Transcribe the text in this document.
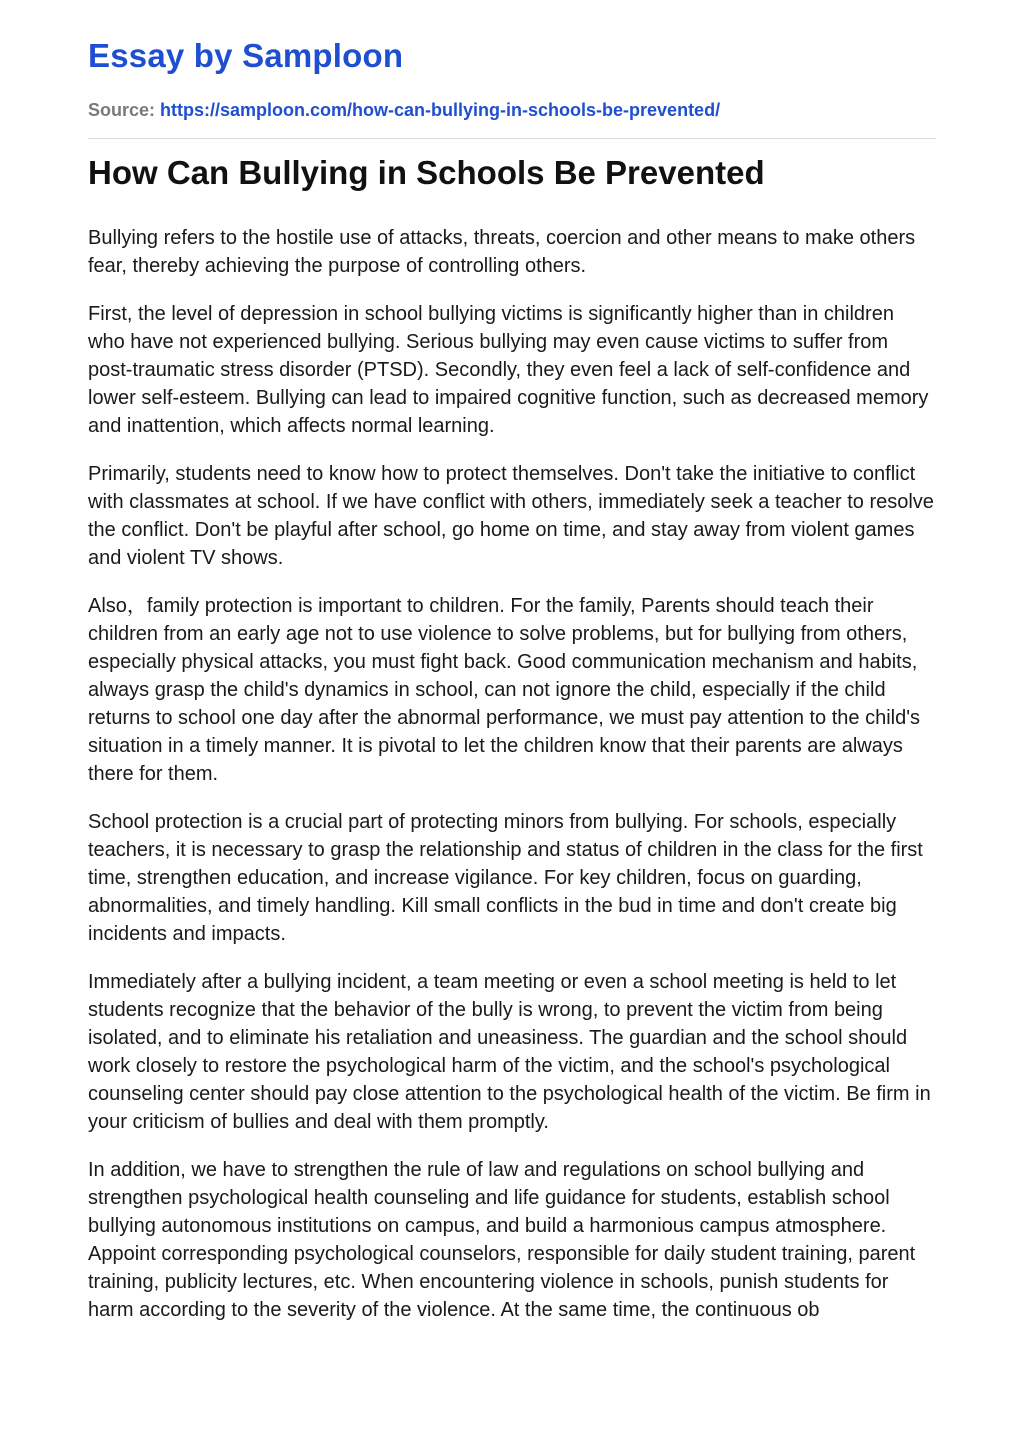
Essay by Samploon
Source: https://samploon.com/how-can-bullying-in-schools-be-prevented/
How Can Bullying in Schools Be Prevented

Bullying refers to the hostile use of attacks, threats, coercion and other means to make others fear, thereby achieving the purpose of controlling others.

First, the level of depression in school bullying victims is significantly higher than in children who have not experienced bullying. Serious bullying may even cause victims to suffer from post-traumatic stress disorder (PTSD). Secondly, they even feel a lack of self-confidence and lower self-esteem. Bullying can lead to impaired cognitive function, such as decreased memory and inattention, which affects normal learning.

Primarily, students need to know how to protect themselves. Don't take the initiative to conflict with classmates at school. If we have conflict with others, immediately seek a teacher to resolve the conflict. Don't be playful after school, go home on time, and stay away from violent games and violent TV shows.

Also，family protection is important to children. For the family, Parents should teach their children from an early age not to use violence to solve problems, but for bullying from others, especially physical attacks, you must fight back. Good communication mechanism and habits, always grasp the child's dynamics in school, can not ignore the child, especially if the child returns to school one day after the abnormal performance, we must pay attention to the child's situation in a timely manner. It is pivotal to let the children know that their parents are always there for them.

School protection is a crucial part of protecting minors from bullying. For schools, especially teachers, it is necessary to grasp the relationship and status of children in the class for the first time, strengthen education, and increase vigilance. For key children, focus on guarding, abnormalities, and timely handling. Kill small conflicts in the bud in time and don't create big incidents and impacts.

Immediately after a bullying incident, a team meeting or even a school meeting is held to let students recognize that the behavior of the bully is wrong, to prevent the victim from being isolated, and to eliminate his retaliation and uneasiness. The guardian and the school should work closely to restore the psychological harm of the victim, and the school's psychological counseling center should pay close attention to the psychological health of the victim. Be firm in your criticism of bullies and deal with them promptly.

In addition, we have to strengthen the rule of law and regulations on school bullying and strengthen psychological health counseling and life guidance for students, establish school bullying autonomous institutions on campus, and build a harmonious campus atmosphere. Appoint corresponding psychological counselors, responsible for daily student training, parent training, publicity lectures, etc. When encountering violence in schools, punish students for harm according to the severity of the violence. At the same time, the continuous ob
